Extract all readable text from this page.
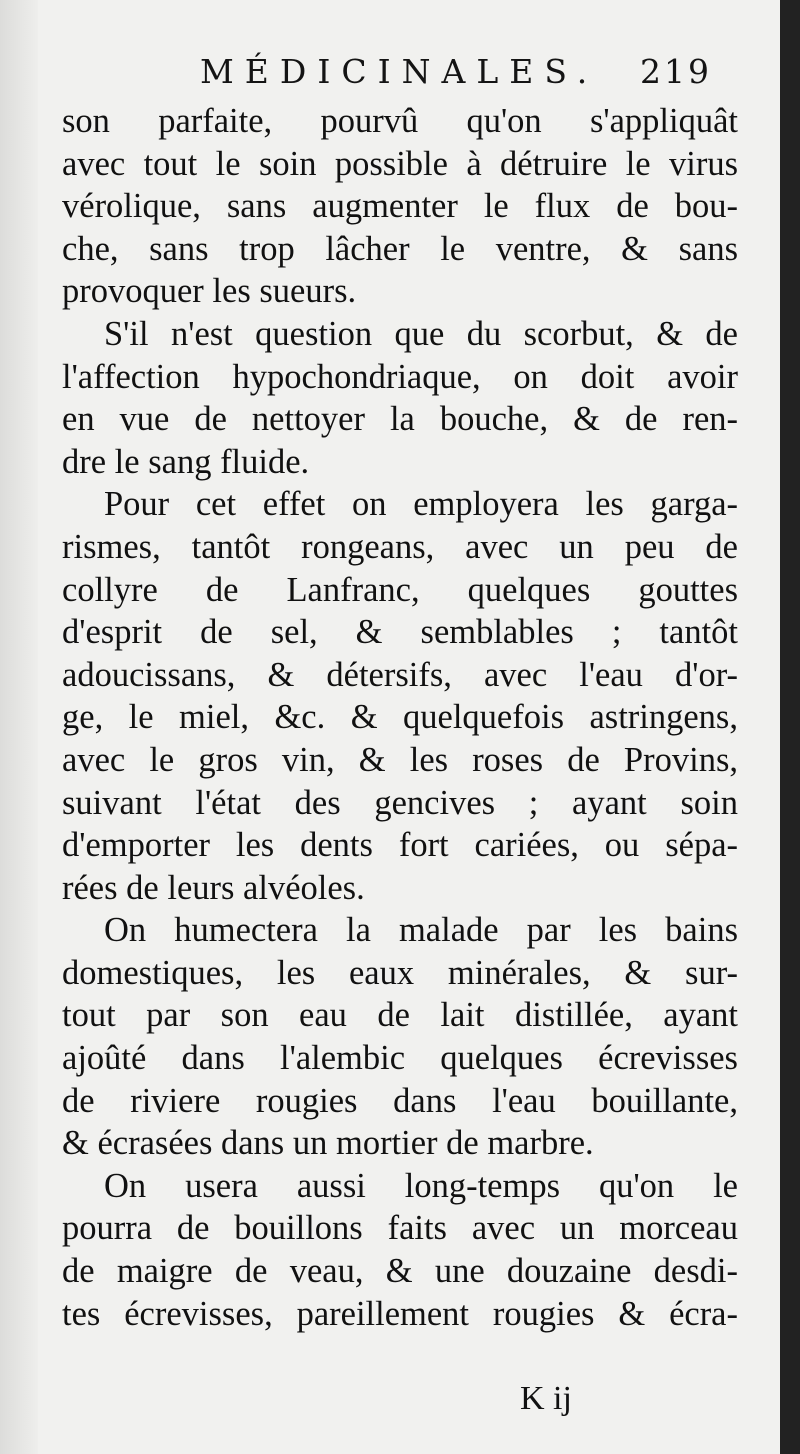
MÉDICINALES. 219
son parfaite, pourvû qu'on s'appliquât
avec tout le soin possible à détruire le virus
vérolique, sans augmenter le flux de bou-
che, sans trop lâcher le ventre, & sans
provoquer les sueurs.
S'il n'est question que du scorbut, & de
l'affection hypochondriaque, on doit avoir
en vue de nettoyer la bouche, & de ren-
dre le sang fluide.
Pour cet effet on employera les garga-
rismes, tantôt rongeans, avec un peu de
collyre de Lanfranc, quelques gouttes
d'esprit de sel, & semblables ; tantôt
adoucissans, & détersifs, avec l'eau d'or-
ge, le miel, &c. & quelquefois astringens,
avec le gros vin, & les roses de Provins,
suivant l'état des gencives ; ayant soin
d'emporter les dents fort cariées, ou sépa-
rées de leurs alvéoles.
On humectera la malade par les bains
domestiques, les eaux minérales, & sur-
tout par son eau de lait distillée, ayant
ajoûté dans l'alembic quelques écrevisses
de riviere rougies dans l'eau bouillante,
& écrasées dans un mortier de marbre.
On usera aussi long-temps qu'on le
pourra de bouillons faits avec un morceau
de maigre de veau, & une douzaine desdi-
tes écrevisses, pareillement rougies & écra-
K ij
